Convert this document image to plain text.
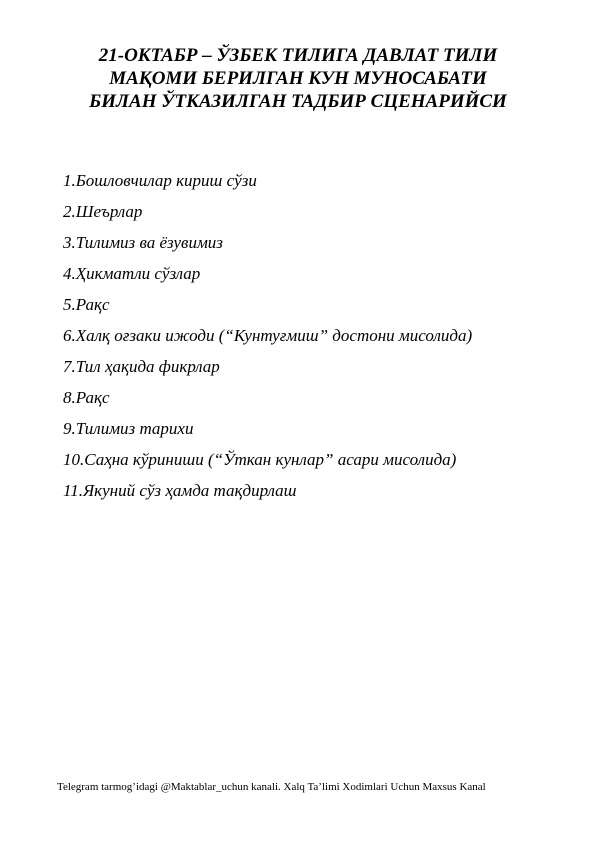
21-ОКТАБР – ЎЗБЕК ТИЛИГА ДАВЛАТ ТИЛИ
МАҚОМИ БЕРИЛГАН КУН МУНОСАБАТИ
БИЛАН ЎТКАЗИЛГАН ТАДБИР СЦЕНАРИЙСИ
1.Бошловчилар кириш сўзи
2.Шеърлар
3.Тилимиз ва ёзувимиз
4.Ҳикматли сўзлар
5.Рақс
6.Халқ оғзаки ижоди (“Кунтуғмиш” достони мисолида)
7.Тил ҳақида фикрлар
8.Рақс
9.Тилимиз тарихи
10.Саҳна кўриниши (“Ўткан кунлар” асари мисолида)
11.Якуний сўз ҳамда тақдирлаш
Telegram tarmog’idagi @Maktablar_uchun kanali. Xalq Ta’limi Xodimlari Uchun Maxsus Kanal
